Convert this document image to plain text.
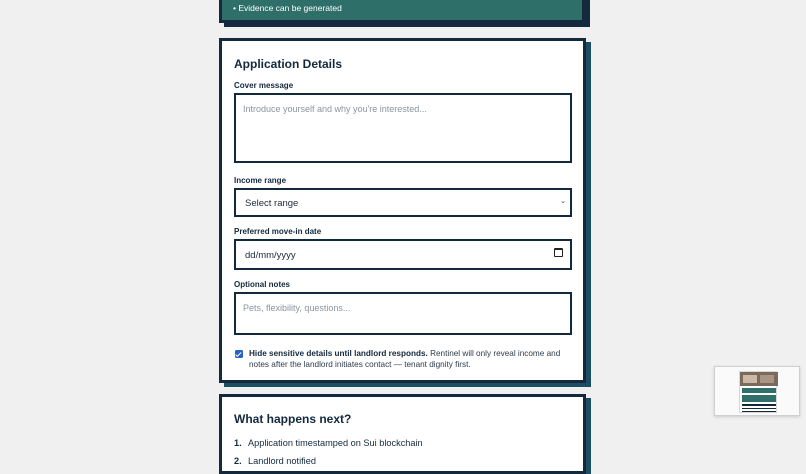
• Evidence can be generated
Application Details
Cover message
Introduce yourself and why you're interested...
Income range
Select range	⌄
Preferred move-in date
dd/mm/yyyy
Optional notes
Pets, flexibility, questions...
Hide sensitive details until landlord responds. Rentinel will only reveal income and notes after the landlord initiates contact — tenant dignity first.
What happens next?
1. Application timestamped on Sui blockchain
2. Landlord notified
